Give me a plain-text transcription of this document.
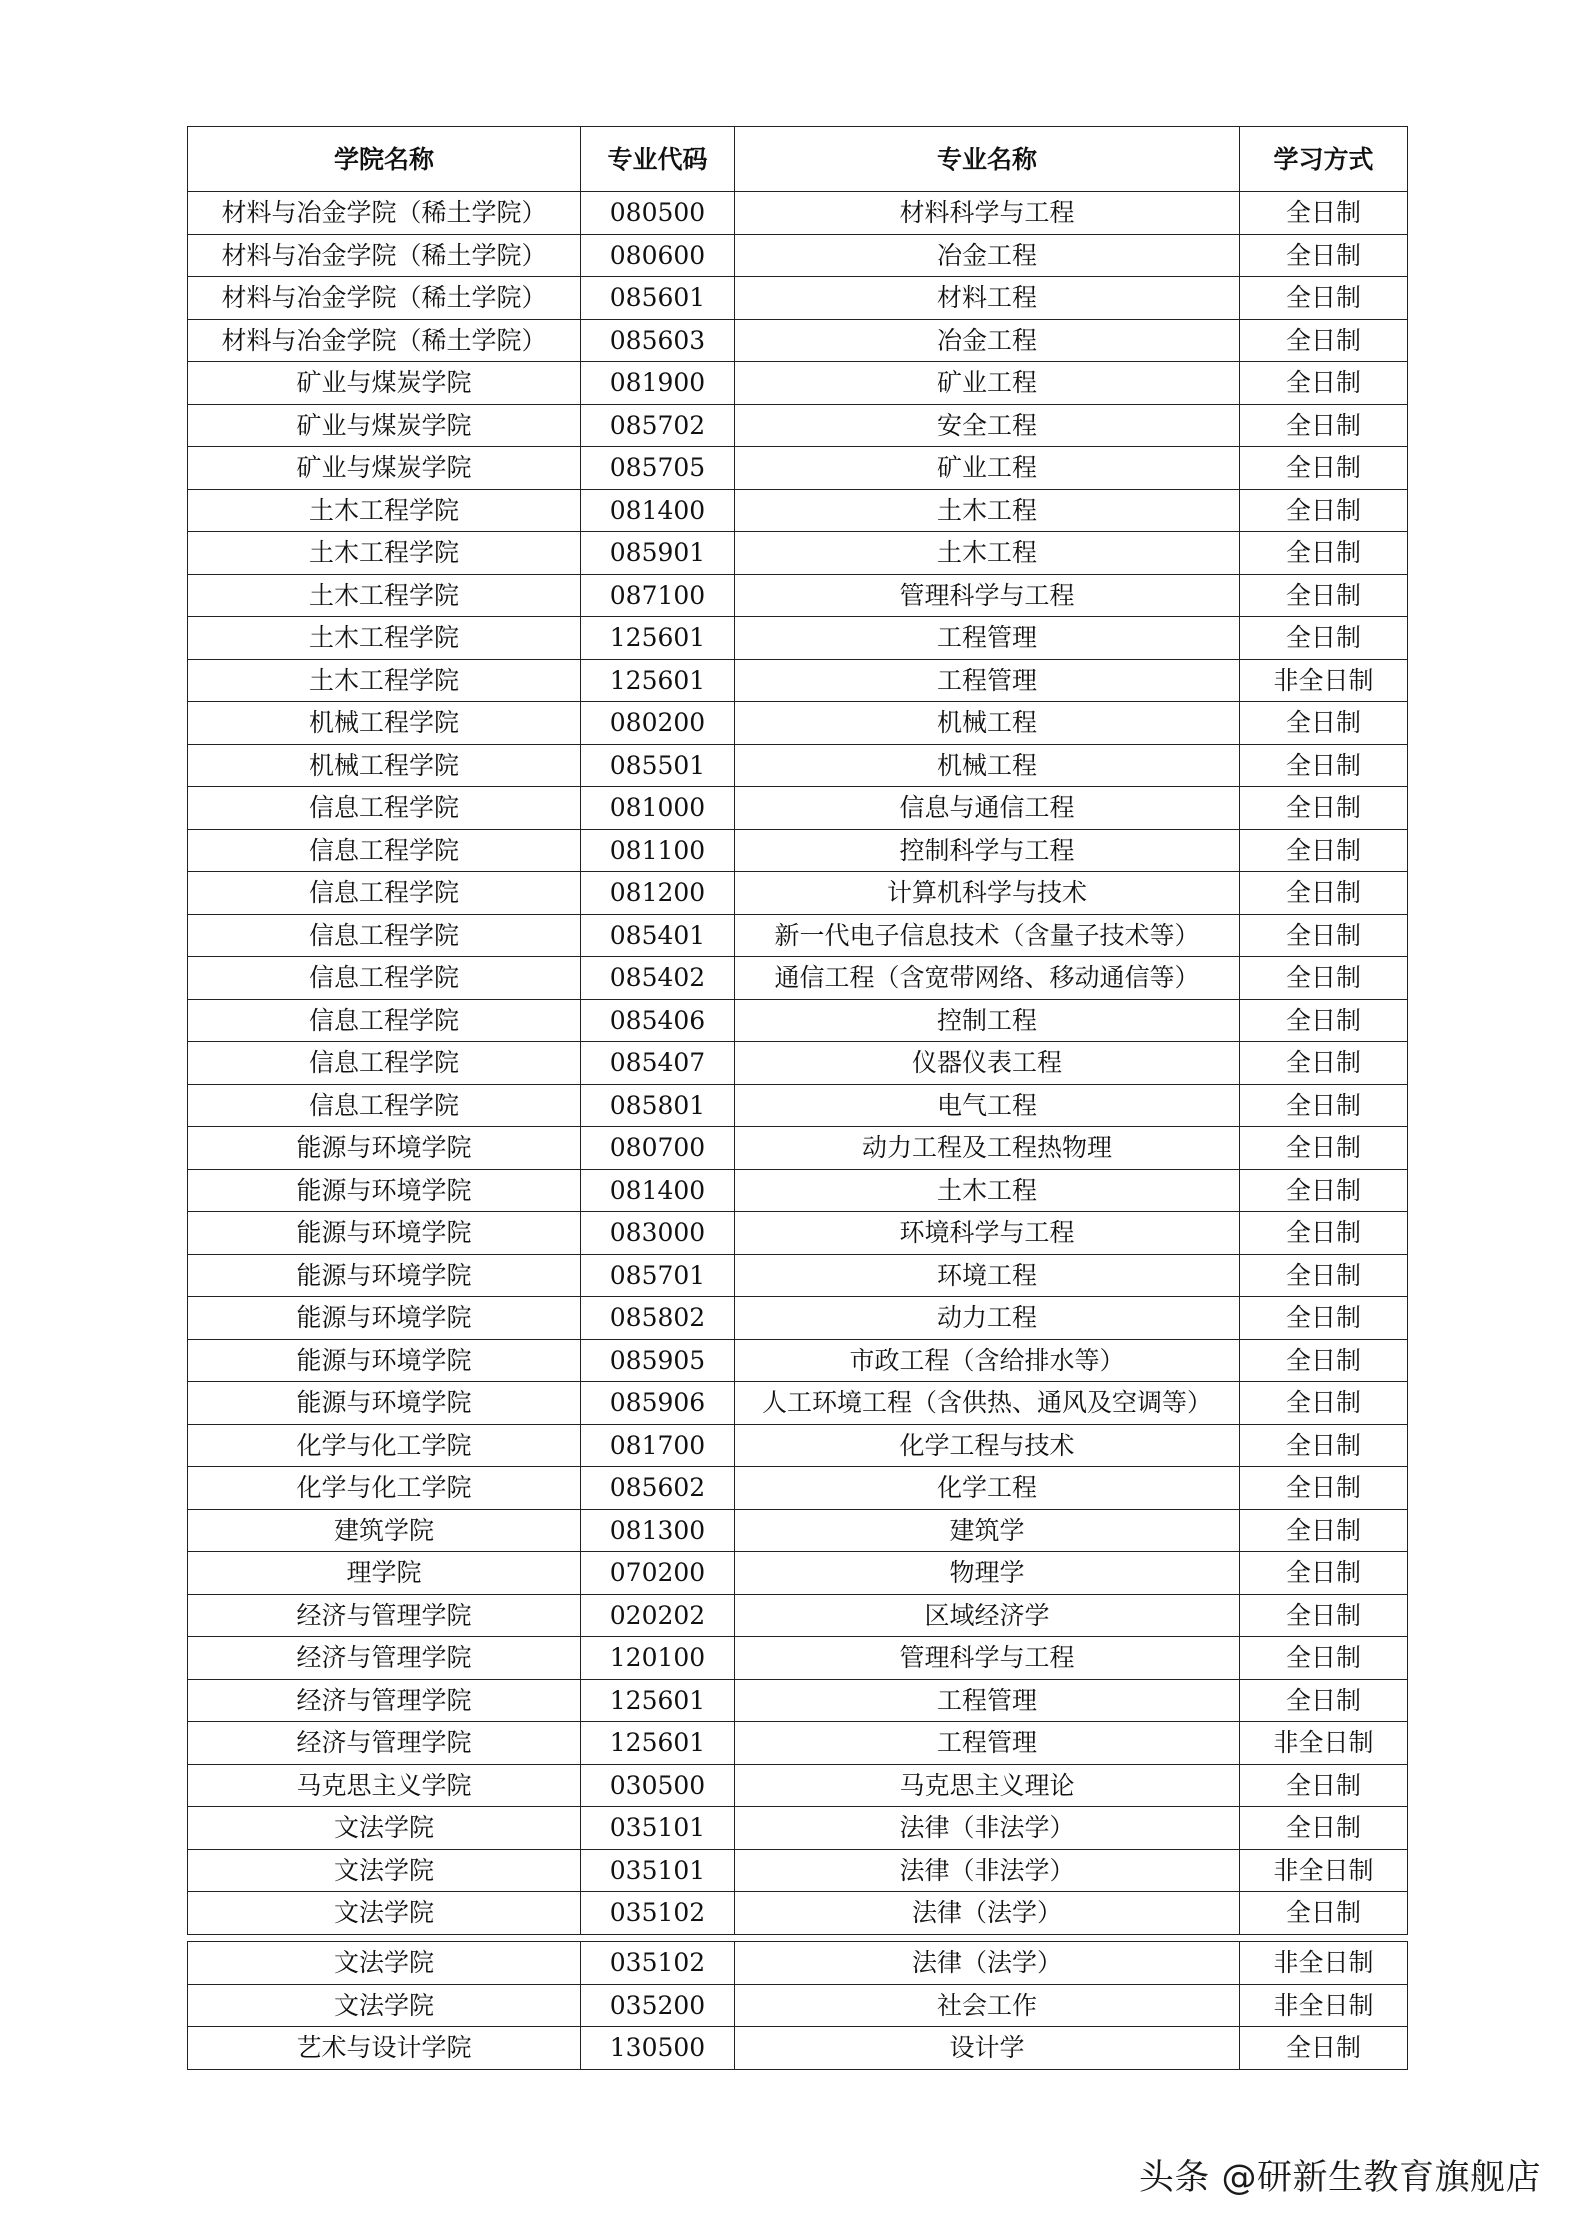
学院名称	专业代码	专业名称	学习方式
材料与冶金学院（稀土学院）	080500	材料科学与工程	全日制
材料与冶金学院（稀土学院）	080600	冶金工程	全日制
材料与冶金学院（稀土学院）	085601	材料工程	全日制
材料与冶金学院（稀土学院）	085603	冶金工程	全日制
矿业与煤炭学院	081900	矿业工程	全日制
矿业与煤炭学院	085702	安全工程	全日制
矿业与煤炭学院	085705	矿业工程	全日制
土木工程学院	081400	土木工程	全日制
土木工程学院	085901	土木工程	全日制
土木工程学院	087100	管理科学与工程	全日制
土木工程学院	125601	工程管理	全日制
土木工程学院	125601	工程管理	非全日制
机械工程学院	080200	机械工程	全日制
机械工程学院	085501	机械工程	全日制
信息工程学院	081000	信息与通信工程	全日制
信息工程学院	081100	控制科学与工程	全日制
信息工程学院	081200	计算机科学与技术	全日制
信息工程学院	085401	新一代电子信息技术（含量子技术等）	全日制
信息工程学院	085402	通信工程（含宽带网络、移动通信等）	全日制
信息工程学院	085406	控制工程	全日制
信息工程学院	085407	仪器仪表工程	全日制
信息工程学院	085801	电气工程	全日制
能源与环境学院	080700	动力工程及工程热物理	全日制
能源与环境学院	081400	土木工程	全日制
能源与环境学院	083000	环境科学与工程	全日制
能源与环境学院	085701	环境工程	全日制
能源与环境学院	085802	动力工程	全日制
能源与环境学院	085905	市政工程（含给排水等）	全日制
能源与环境学院	085906	人工环境工程（含供热、通风及空调等）	全日制
化学与化工学院	081700	化学工程与技术	全日制
化学与化工学院	085602	化学工程	全日制
建筑学院	081300	建筑学	全日制
理学院	070200	物理学	全日制
经济与管理学院	020202	区域经济学	全日制
经济与管理学院	120100	管理科学与工程	全日制
经济与管理学院	125601	工程管理	全日制
经济与管理学院	125601	工程管理	非全日制
马克思主义学院	030500	马克思主义理论	全日制
文法学院	035101	法律（非法学）	全日制
文法学院	035101	法律（非法学）	非全日制
文法学院	035102	法律（法学）	全日制
文法学院	035102	法律（法学）	非全日制
文法学院	035200	社会工作	非全日制
艺术与设计学院	130500	设计学	全日制
头条 @研新生教育旗舰店
